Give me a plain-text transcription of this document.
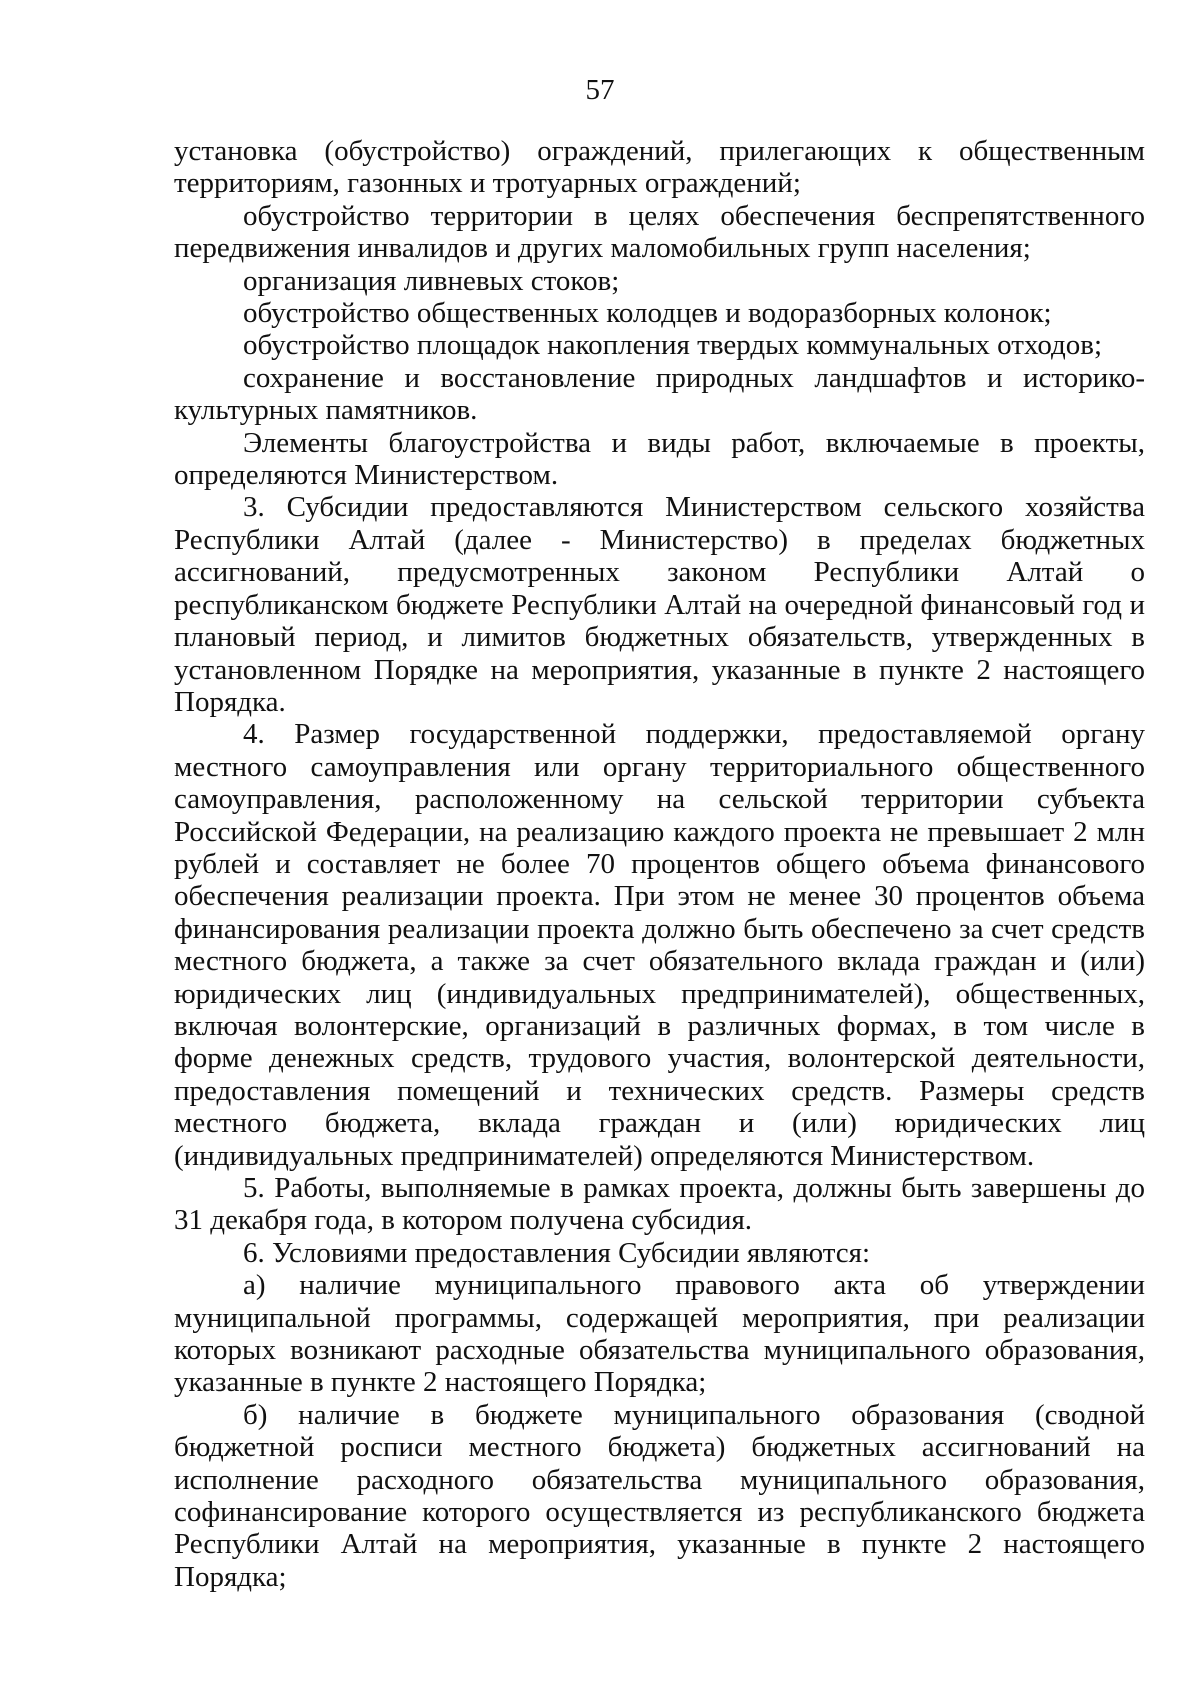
57

установка (обустройство) ограждений, прилегающих к общественным территориям, газонных и тротуарных ограждений;

обустройство территории в целях обеспечения беспрепятственного передвижения инвалидов и других маломобильных групп населения;

организация ливневых стоков;

обустройство общественных колодцев и водоразборных колонок;

обустройство площадок накопления твердых коммунальных отходов;

сохранение и восстановление природных ландшафтов и историко-культурных памятников.

Элементы благоустройства и виды работ, включаемые в проекты, определяются Министерством.

3. Субсидии предоставляются Министерством сельского хозяйства Республики Алтай (далее - Министерство) в пределах бюджетных ассигнований, предусмотренных законом Республики Алтай о республиканском бюджете Республики Алтай на очередной финансовый год и плановый период, и лимитов бюджетных обязательств, утвержденных в установленном Порядке на мероприятия, указанные в пункте 2 настоящего Порядка.

4. Размер государственной поддержки, предоставляемой органу местного самоуправления или органу территориального общественного самоуправления, расположенному на сельской территории субъекта Российской Федерации, на реализацию каждого проекта не превышает 2 млн рублей и составляет не более 70 процентов общего объема финансового обеспечения реализации проекта. При этом не менее 30 процентов объема финансирования реализации проекта должно быть обеспечено за счет средств местного бюджета, а также за счет обязательного вклада граждан и (или) юридических лиц (индивидуальных предпринимателей), общественных, включая волонтерские, организаций в различных формах, в том числе в форме денежных средств, трудового участия, волонтерской деятельности, предоставления помещений и технических средств. Размеры средств местного бюджета, вклада граждан и (или) юридических лиц (индивидуальных предпринимателей) определяются Министерством.

5. Работы, выполняемые в рамках проекта, должны быть завершены до 31 декабря года, в котором получена субсидия.

6. Условиями предоставления Субсидии являются:

а) наличие муниципального правового акта об утверждении муниципальной программы, содержащей мероприятия, при реализации которых возникают расходные обязательства муниципального образования, указанные в пункте 2 настоящего Порядка;

б) наличие в бюджете муниципального образования (сводной бюджетной росписи местного бюджета) бюджетных ассигнований на исполнение расходного обязательства муниципального образования, софинансирование которого осуществляется из республиканского бюджета Республики Алтай на мероприятия, указанные в пункте 2 настоящего Порядка;
